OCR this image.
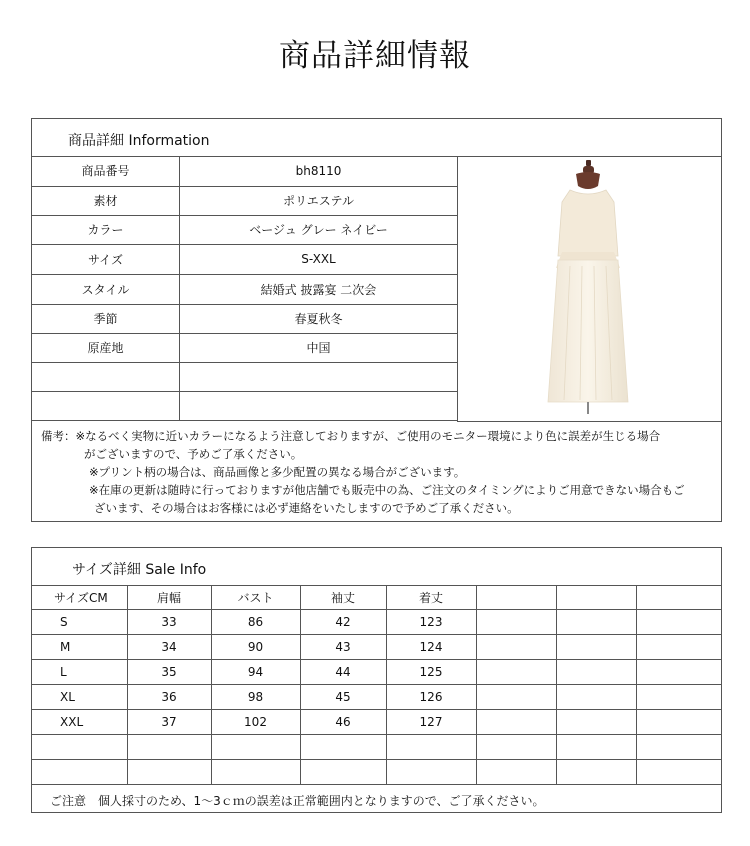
商品詳細情報
商品詳細 Information
商品番号	bh8110
素材	ポリエステル
カラー	ベージュ グレー ネイビー
サイズ	S-XXL
スタイル	結婚式 披露宴 二次会
季節	春夏秋冬
原産地	中国

備考：※なるべく実物に近いカラーになるよう注意しておりますが、ご使用のモニター環境により色に誤差が生じる場合
がございますので、予めご了承ください。
※プリント柄の場合は、商品画像と多少配置の異なる場合がございます。
※在庫の更新は随時に行っておりますが他店舗でも販売中の為、ご注文のタイミングによりご用意できない場合もご
ざいます、その場合はお客様には必ず連絡をいたしますので予めご了承ください。
サイズ詳細 Sale Info
サイズCM	肩幅	バスト	袖丈	着丈			
S	33	86	42	123			
M	34	90	43	124			
L	35	94	44	125			
XL	36	98	45	126			
XXL	37	102	46	127			

ご注意　個人採寸のため、1～3ｃｍの誤差は正常範囲内となりますので、ご了承ください。
